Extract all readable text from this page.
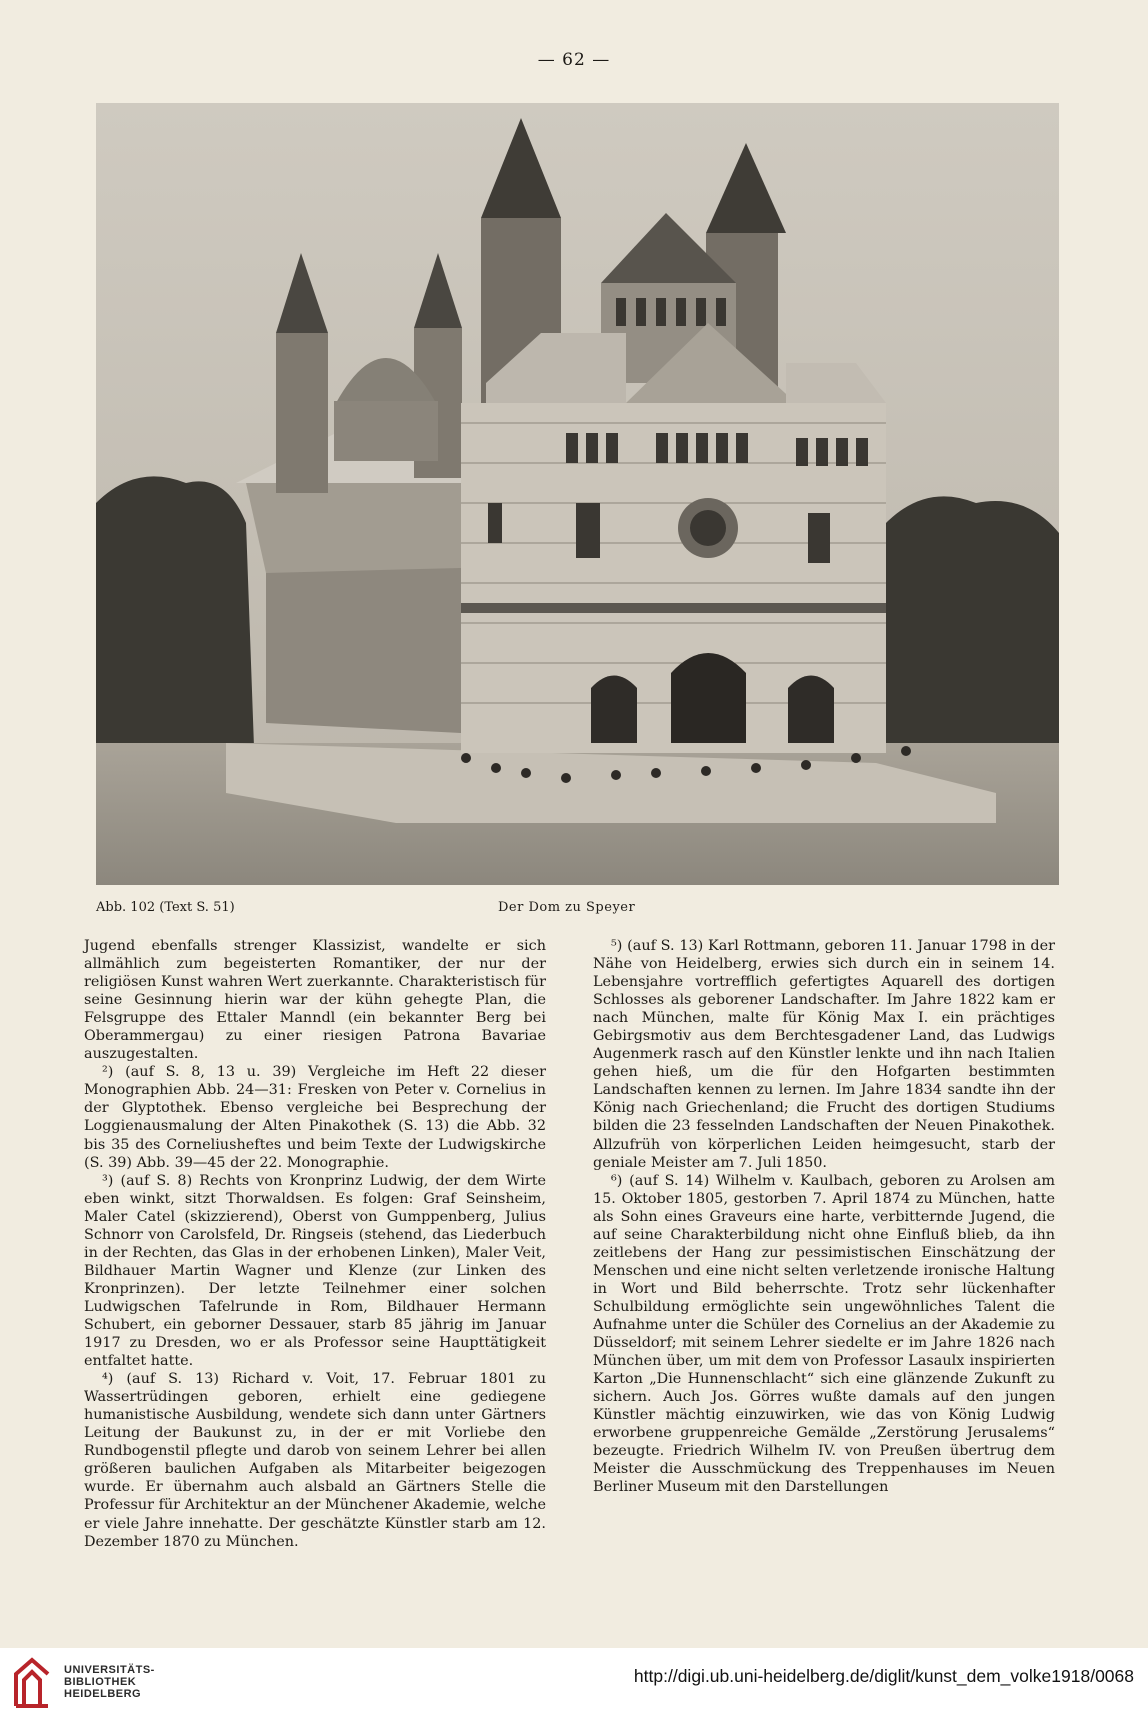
— 62 —
Abb. 102 (Text S. 51)	Der Dom zu Speyer

Jugend ebenfalls strenger Klassizist, wandelte er sich allmählich zum begeisterten Romantiker, der nur der religiösen Kunst wahren Wert zuerkannte. Charakteristisch für seine Gesinnung hierin war der kühn gehegte Plan, die Felsgruppe des Ettaler Manndl (ein bekannter Berg bei Oberammergau) zu einer riesigen Patrona Bavariae auszugestalten.

²) (auf S. 8, 13 u. 39) Vergleiche im Heft 22 dieser Monographien Abb. 24—31: Fresken von Peter v. Cornelius in der Glyptothek. Ebenso vergleiche bei Besprechung der Loggienausmalung der Alten Pinakothek (S. 13) die Abb. 32 bis 35 des Corneliusheftes und beim Texte der Ludwigskirche (S. 39) Abb. 39—45 der 22. Monographie.

³) (auf S. 8) Rechts von Kronprinz Ludwig, der dem Wirte eben winkt, sitzt Thorwaldsen. Es folgen: Graf Seinsheim, Maler Catel (skizzierend), Oberst von Gumppenberg, Julius Schnorr von Carolsfeld, Dr. Ringseis (stehend, das Liederbuch in der Rechten, das Glas in der erhobenen Linken), Maler Veit, Bildhauer Martin Wagner und Klenze (zur Linken des Kronprinzen). Der letzte Teilnehmer einer solchen Ludwigschen Tafelrunde in Rom, Bildhauer Hermann Schubert, ein geborner Dessauer, starb 85 jährig im Januar 1917 zu Dresden, wo er als Professor seine Haupttätigkeit entfaltet hatte.

⁴) (auf S. 13) Richard v. Voit, 17. Februar 1801 zu Wassertrüdingen geboren, erhielt eine gediegene humanistische Ausbildung, wendete sich dann unter Gärtners Leitung der Baukunst zu, in der er mit Vorliebe den Rundbogenstil pflegte und darob von seinem Lehrer bei allen größeren baulichen Aufgaben als Mitarbeiter beigezogen wurde. Er übernahm auch alsbald an Gärtners Stelle die Professur für Architektur an der Münchener Akademie, welche er viele Jahre innehatte. Der geschätzte Künstler starb am 12. Dezember 1870 zu München.

⁵) (auf S. 13) Karl Rottmann, geboren 11. Januar 1798 in der Nähe von Heidelberg, erwies sich durch ein in seinem 14. Lebensjahre vortrefflich gefertigtes Aquarell des dortigen Schlosses als geborener Landschafter. Im Jahre 1822 kam er nach München, malte für König Max I. ein prächtiges Gebirgsmotiv aus dem Berchtesgadener Land, das Ludwigs Augenmerk rasch auf den Künstler lenkte und ihn nach Italien gehen hieß, um die für den Hofgarten bestimmten Landschaften kennen zu lernen. Im Jahre 1834 sandte ihn der König nach Griechenland; die Frucht des dortigen Studiums bilden die 23 fesselnden Landschaften der Neuen Pinakothek. Allzufrüh von körperlichen Leiden heimgesucht, starb der geniale Meister am 7. Juli 1850.

⁶) (auf S. 14) Wilhelm v. Kaulbach, geboren zu Arolsen am 15. Oktober 1805, gestorben 7. April 1874 zu München, hatte als Sohn eines Graveurs eine harte, verbitternde Jugend, die auf seine Charakterbildung nicht ohne Einfluß blieb, da ihn zeitlebens der Hang zur pessimistischen Einschätzung der Menschen und eine nicht selten verletzende ironische Haltung in Wort und Bild beherrschte. Trotz sehr lückenhafter Schulbildung ermöglichte sein ungewöhnliches Talent die Aufnahme unter die Schüler des Cornelius an der Akademie zu Düsseldorf; mit seinem Lehrer siedelte er im Jahre 1826 nach München über, um mit dem von Professor Lasaulx inspirierten Karton „Die Hunnenschlacht“ sich eine glänzende Zukunft zu sichern. Auch Jos. Görres wußte damals auf den jungen Künstler mächtig einzuwirken, wie das von König Ludwig erworbene gruppenreiche Gemälde „Zerstörung Jerusalems“ bezeugte. Friedrich Wilhelm IV. von Preußen übertrug dem Meister die Ausschmückung des Treppenhauses im Neuen Berliner Museum mit den Darstellungen

UNIVERSITÄTS-
BIBLIOTHEK
HEIDELBERG
http://digi.ub.uni-heidelberg.de/diglit/kunst_dem_volke1918/0068
